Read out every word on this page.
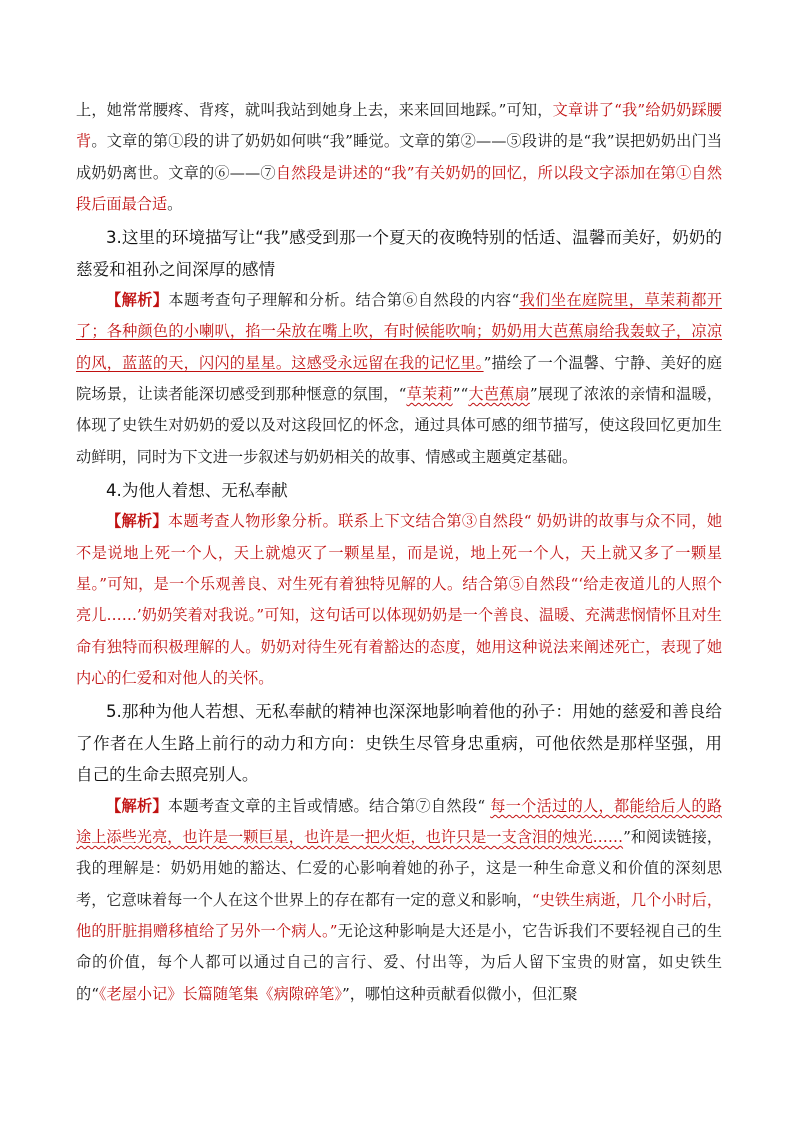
上，她常常腰疼、背疼，就叫我站到她身上去，来来回回地踩。”可知，文章讲了“我”给奶奶踩腰背。文章的第①段的讲了奶奶如何哄“我”睡觉。文章的第②——⑤段讲的是“我”误把奶奶出门当成奶奶离世。文章的⑥——⑦自然段是讲述的“我”有关奶奶的回忆，所以段文字添加在第①自然段后面最合适。

3.这里的环境描写让“我”感受到那一个夏天的夜晚特别的恬适、温馨而美好，奶奶的慈爱和祖孙之间深厚的感情

【解析】本题考查句子理解和分析。结合第⑥自然段的内容“我们坐在庭院里，草茉莉都开了；各种颜色的小喇叭，掐一朵放在嘴上吹，有时候能吹响；奶奶用大芭蕉扇给我轰蚊子，凉凉的风，蓝蓝的天，闪闪的星星。这感受永远留在我的记忆里。”描绘了一个温馨、宁静、美好的庭院场景，让读者能深切感受到那种惬意的氛围，“草茉莉”“大芭蕉扇”展现了浓浓的亲情和温暖，体现了史铁生对奶奶的爱以及对这段回忆的怀念，通过具体可感的细节描写，使这段回忆更加生动鲜明，同时为下文进一步叙述与奶奶相关的故事、情感或主题奠定基础。

4.为他人着想、无私奉献

【解析】本题考查人物形象分析。联系上下文结合第③自然段“ 奶奶讲的故事与众不同，她不是说地上死一个人，天上就熄灭了一颗星星，而是说，地上死一个人，天上就又多了一颗星星。”可知，是一个乐观善良、对生死有着独特见解的人。结合第⑤自然段“‘给走夜道儿的人照个亮儿……’奶奶笑着对我说。”可知，这句话可以体现奶奶是一个善良、温暖、充满悲悯情怀且对生命有独特而积极理解的人。奶奶对待生死有着豁达的态度，她用这种说法来阐述死亡，表现了她内心的仁爱和对他人的关怀。

5.那种为他人若想、无私奉献的精神也深深地影响着他的孙子：用她的慈爱和善良给了作者在人生路上前行的动力和方向：史铁生尽管身忠重病，可他依然是那样坚强，用自己的生命去照亮别人。

【解析】本题考查文章的主旨或情感。结合第⑦自然段“ 每一个活过的人，都能给后人的路途上添些光亮，也许是一颗巨星，也许是一把火炬，也许只是一支含泪的烛光……”和阅读链接，我的理解是：奶奶用她的豁达、仁爱的心影响着她的孙子，这是一种生命意义和价值的深刻思考，它意味着每一个人在这个世界上的存在都有一定的意义和影响，“史铁生病逝，几个小时后，他的肝脏捐赠移植给了另外一个病人。”无论这种影响是大还是小，它告诉我们不要轻视自己的生命的价值，每个人都可以通过自己的言行、爱、付出等，为后人留下宝贵的财富，如史铁生的“《老屋小记》长篇随笔集《病隙碎笔》”，哪怕这种贡献看似微小，但汇聚
